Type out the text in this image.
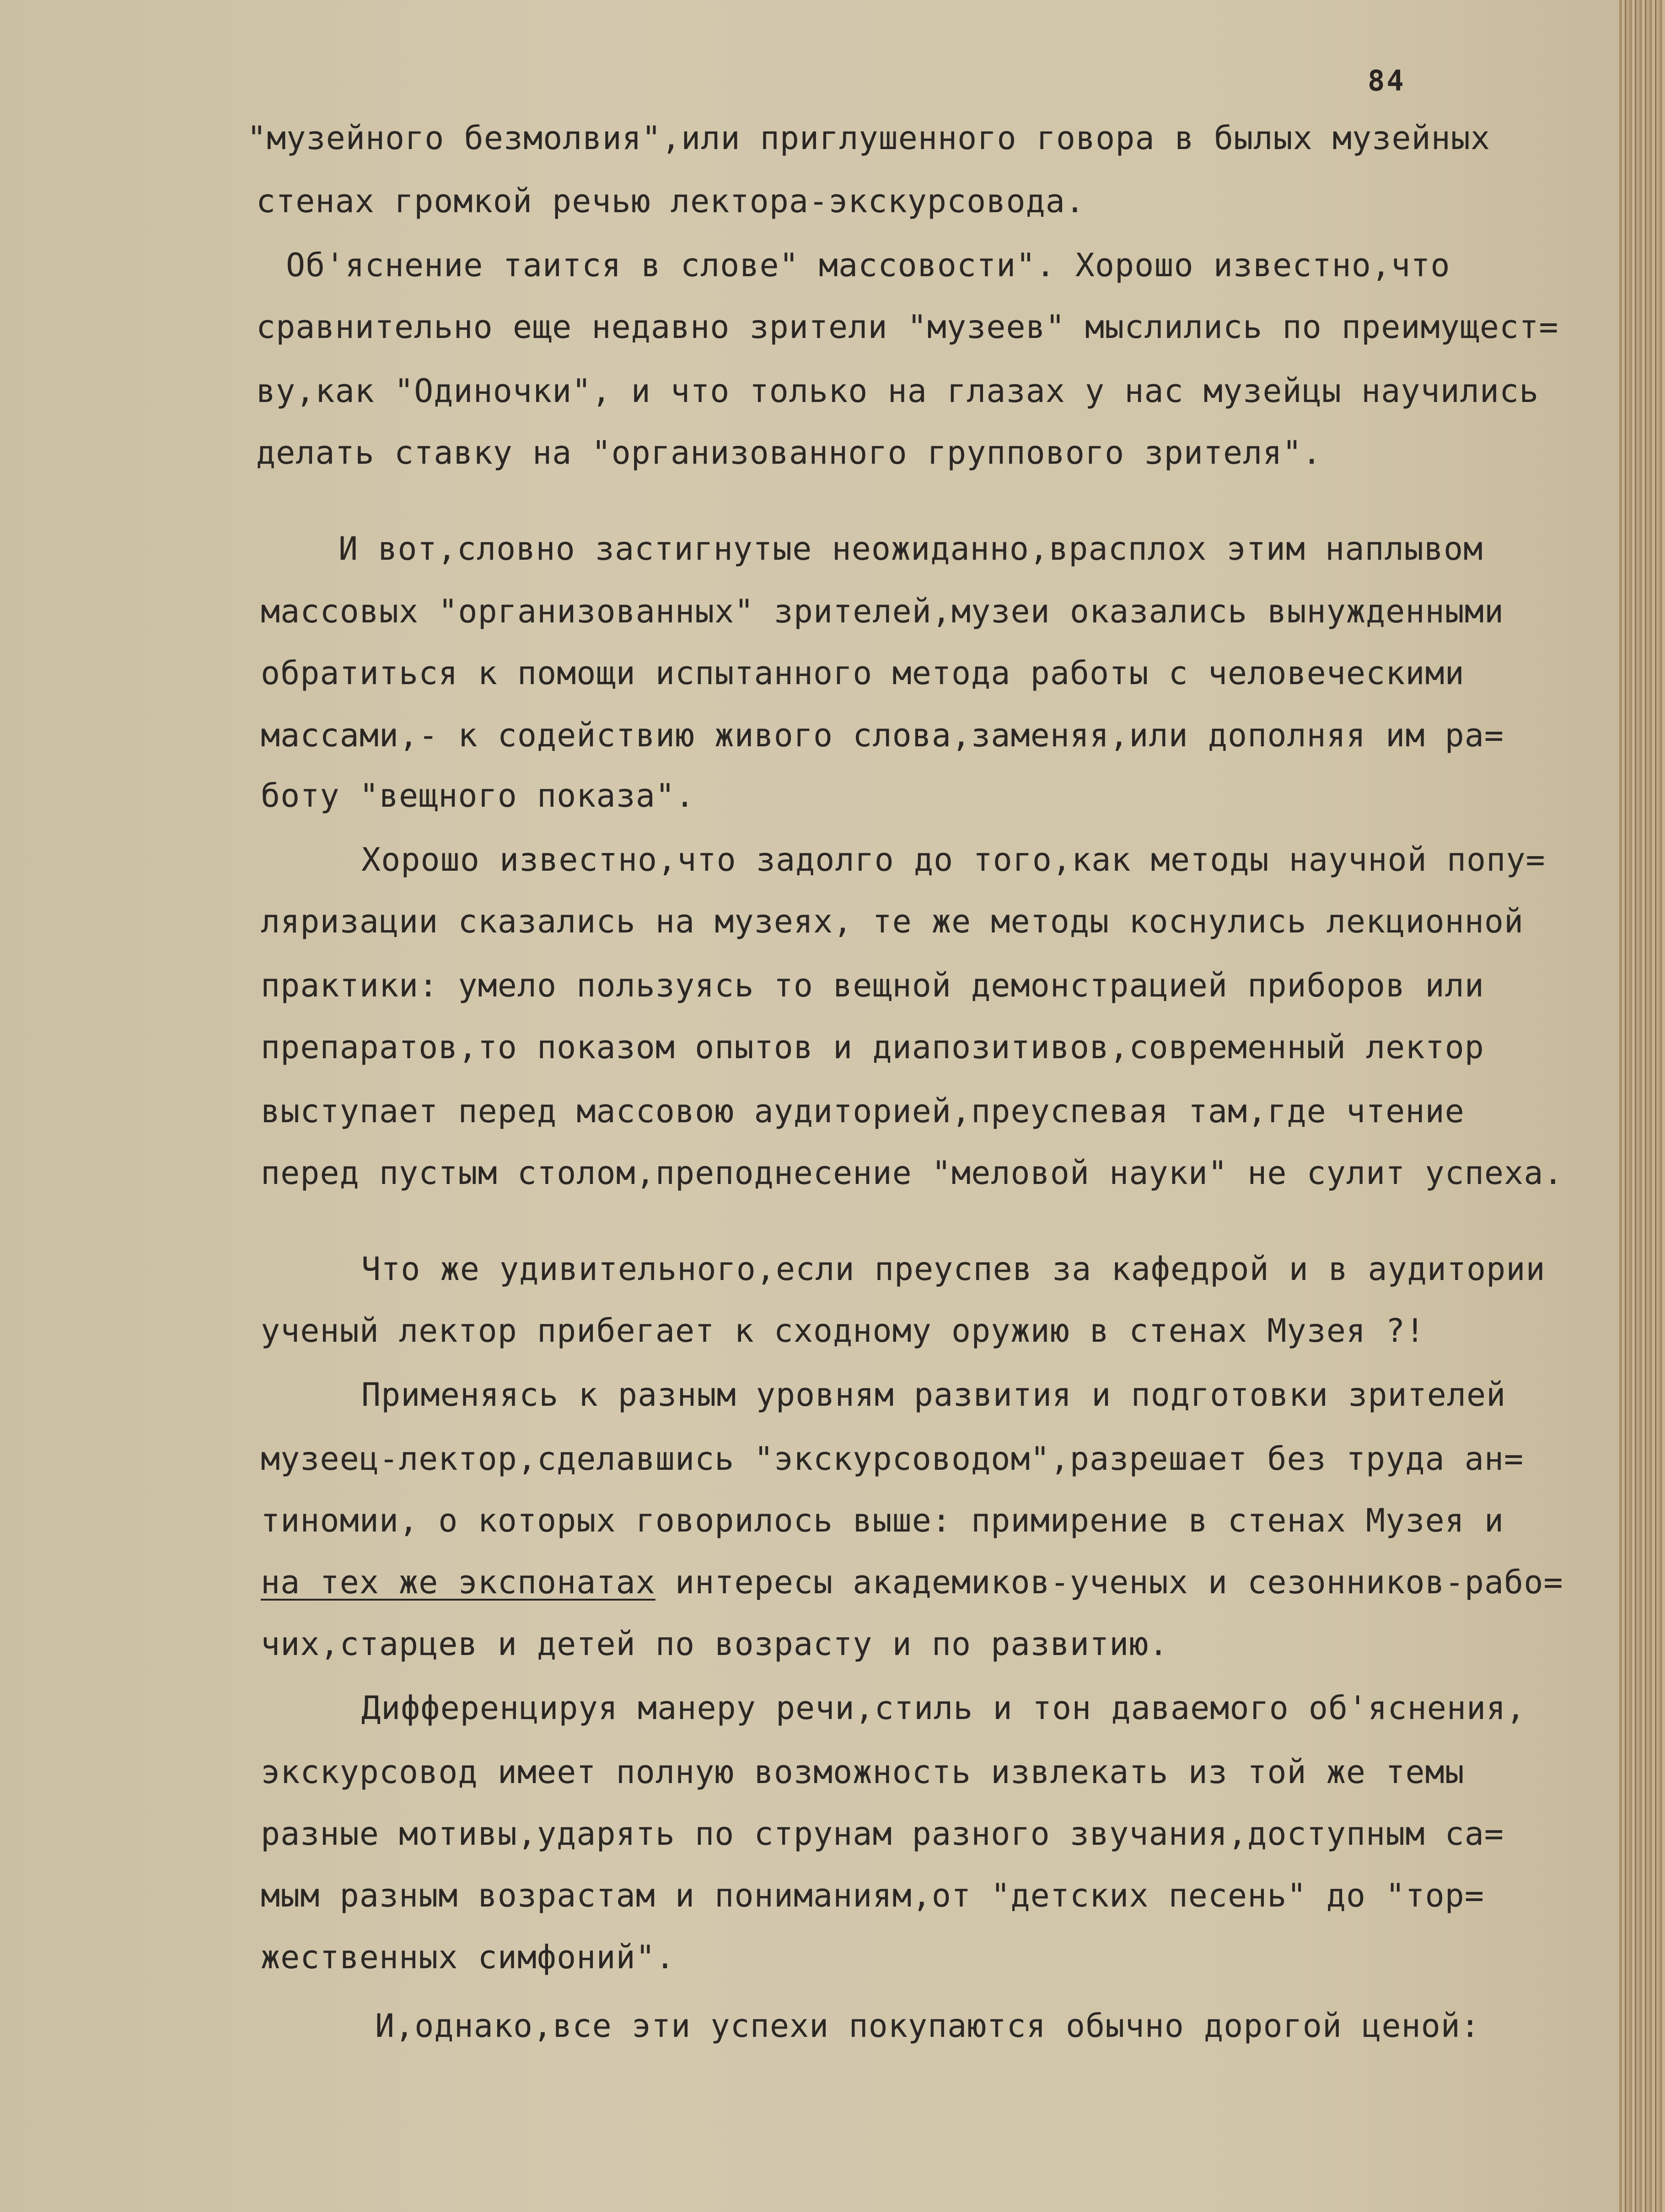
84
"музейного безмолвия",или приглушенного говора в былых музейных
стенах громкой речью лектора-экскурсовода.
Об'яснение таится в слове" массовости". Хорошо известно,что
сравнительно еще недавно зрители "музеев" мыслились по преимущест=
ву,как "Одиночки", и что только на глазах у нас музейцы научились
делать ставку на "организованного группового зрителя".
И вот,словно застигнутые неожиданно,врасплох этим наплывом
массовых "организованных" зрителей,музеи оказались вынужденными
обратиться к помощи испытанного метода работы с человеческими
массами,- к содействию живого слова,заменяя,или дополняя им ра=
боту "вещного показа".
Хорошо известно,что задолго до того,как методы научной попу=
ляризации сказались на музеях, те же методы коснулись лекционной
практики: умело пользуясь то вещной демонстрацией приборов или
препаратов,то показом опытов и диапозитивов,современный лектор
выступает перед массовою аудиторией,преуспевая там,где чтение
перед пустым столом,преподнесение "меловой науки" не сулит успеха.
Что же удивительного,если преуспев за кафедрой и в аудитории
ученый лектор прибегает к сходному оружию в стенах Музея ?!
Применяясь к разным уровням развития и подготовки зрителей
музеец-лектор,сделавшись "экскурсоводом",разрешает без труда ан=
тиномии, о которых говорилось выше: примирение в стенах Музея и
на тех же экспонатах интересы академиков-ученых и сезонников-рабо=
чих,старцев и детей по возрасту и по развитию.
Дифференцируя манеру речи,стиль и тон даваемого об'яснения,
экскурсовод имеет полную возможность извлекать из той же темы
разные мотивы,ударять по струнам разного звучания,доступным са=
мым разным возрастам и пониманиям,от "детских песень" до "тор=
жественных симфоний".
И,однако,все эти успехи покупаются обычно дорогой ценой:
